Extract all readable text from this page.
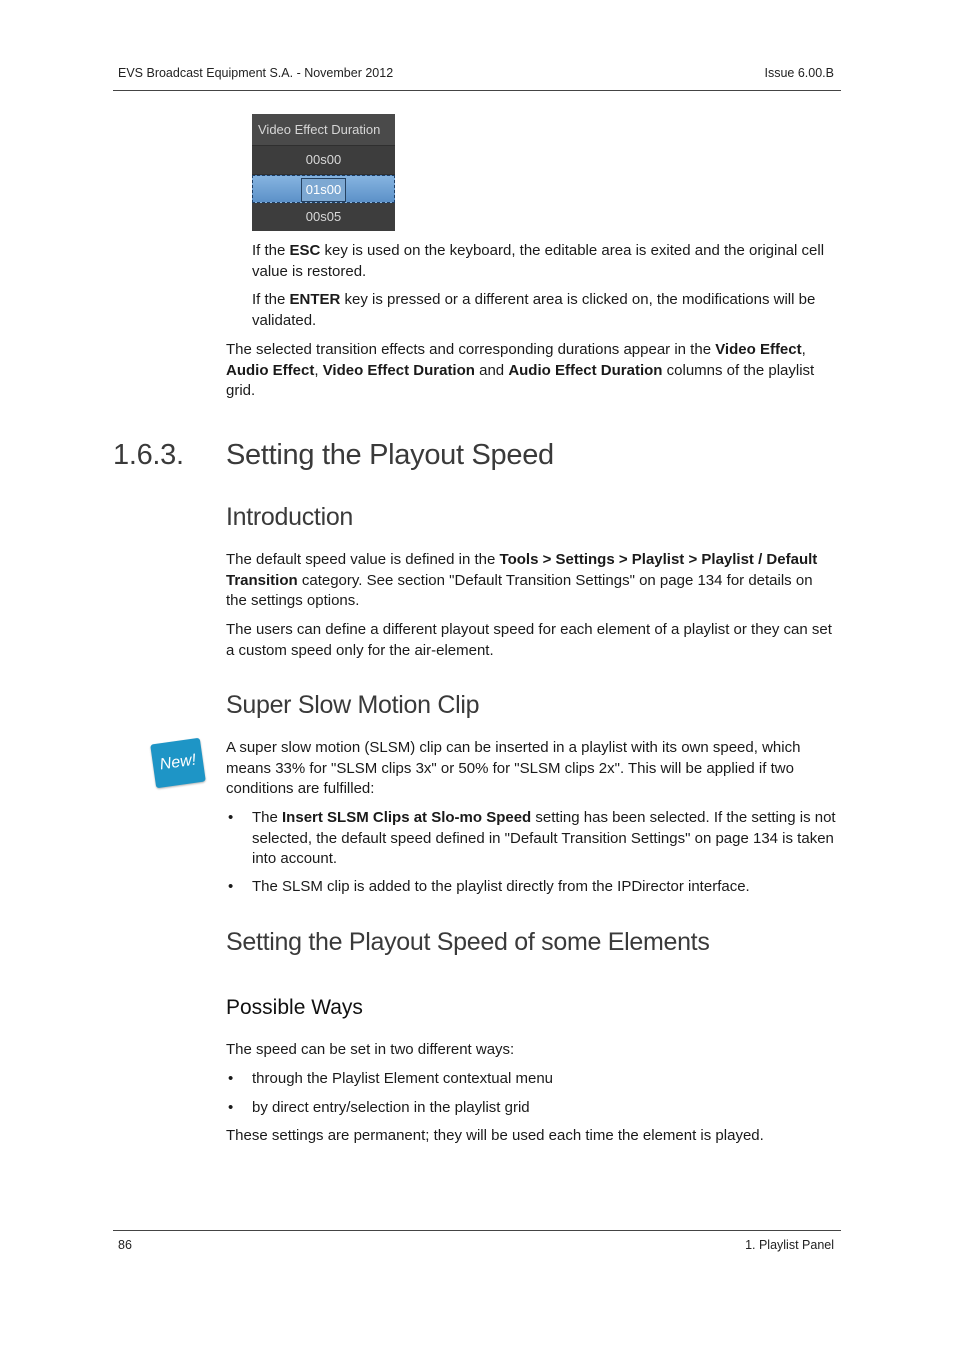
EVS Broadcast Equipment S.A. - November 2012	Issue 6.00.B
Video Effect Duration
00s00
01s00
00s05

If the ESC key is used on the keyboard, the editable area is exited and the original cell value is restored.

If the ENTER key is pressed or a different area is clicked on, the modifications will be validated.

The selected transition effects and corresponding durations appear in the Video Effect, Audio Effect, Video Effect Duration and Audio Effect Duration columns of the playlist grid.

1.6.3. Setting the Playout Speed
Introduction

The default speed value is defined in the Tools > Settings > Playlist > Playlist / Default Transition category. See section "Default Transition Settings" on page 134 for details on the settings options.

The users can define a different playout speed for each element of a playlist or they can set a custom speed only for the air-element.

Super Slow Motion Clip
New!

A super slow motion (SLSM) clip can be inserted in a playlist with its own speed, which means 33% for "SLSM clips 3x" or 50% for "SLSM clips 2x". This will be applied if two conditions are fulfilled:

• The Insert SLSM Clips at Slo-mo Speed setting has been selected. If the setting is not selected, the default speed defined in "Default Transition Settings" on page 134 is taken into account.

• The SLSM clip is added to the playlist directly from the IPDirector interface.

Setting the Playout Speed of some Elements
Possible Ways

The speed can be set in two different ways:

• through the Playlist Element contextual menu

• by direct entry/selection in the playlist grid

These settings are permanent; they will be used each time the element is played.

86	1. Playlist Panel
